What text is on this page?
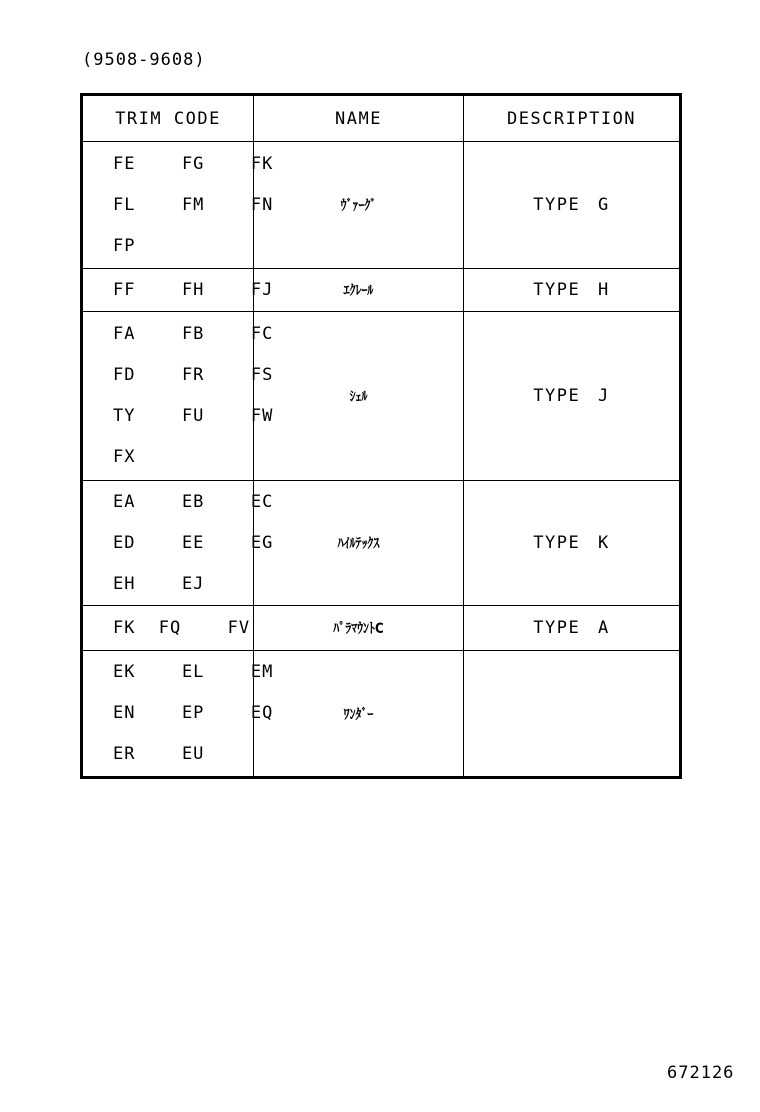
(9508-9608)
TRIM CODE	NAME	DESCRIPTION

FE  FG  FK
FL  FM  FN
FP	ｳﾞｧｰｸﾞ	TYPE G

FF  FH  FJ	ｴｸﾚｰﾙ	TYPE H

FA  FB  FC
FD  FR  FS
TY  FU  FW
FX	ｼｪﾙ	TYPE J

EA  EB  EC
ED  EE  EG
EH  EJ	ﾊｲﾙﾃｯｸｽ	TYPE K

FK FQ  FV	ﾊﾟﾗﾏｳﾝﾄC	TYPE A

EK  EL  EM
EN  EP  EQ
ER  EU	ﾜﾝﾀﾞｰ	

672126
